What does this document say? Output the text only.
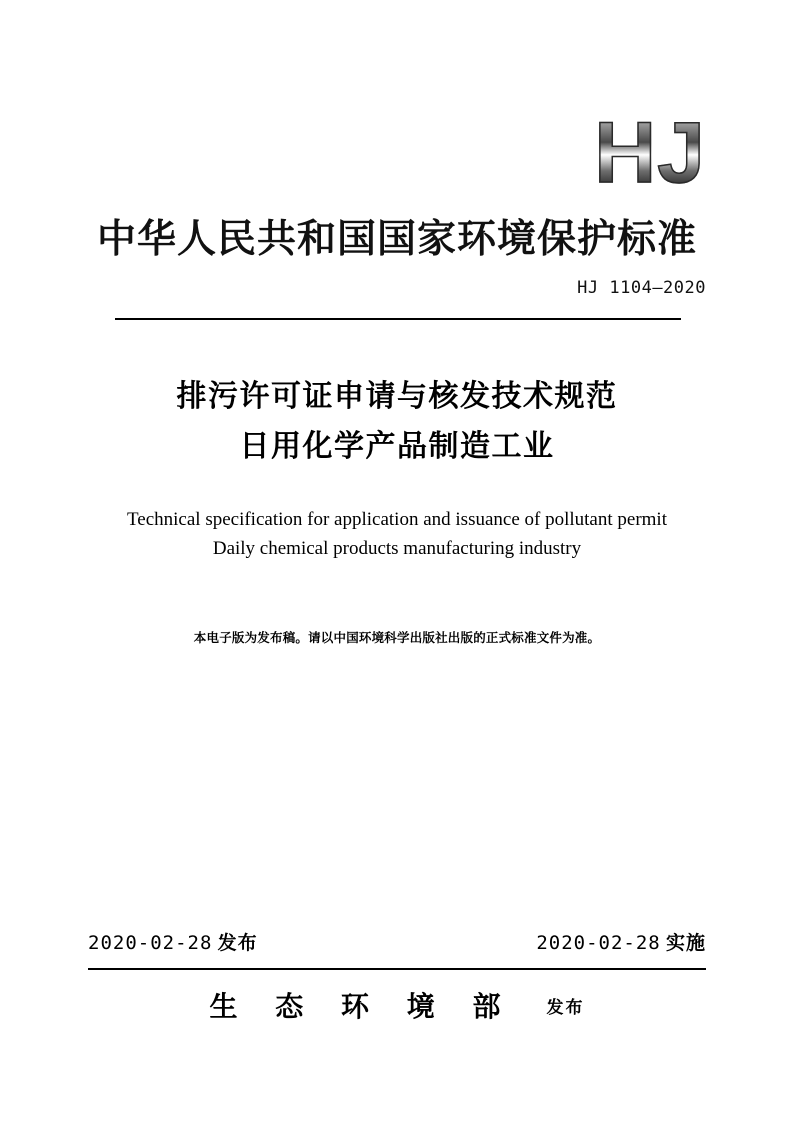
HJ
中华人民共和国国家环境保护标准
HJ 1104—2020
排污许可证申请与核发技术规范
日用化学产品制造工业
Technical specification for application and issuance of pollutant permit
Daily chemical products manufacturing industry
本电子版为发布稿。请以中国环境科学出版社出版的正式标准文件为准。
2020-02-28 发布	2020-02-28 实施
生 态 环 境 部 发布
